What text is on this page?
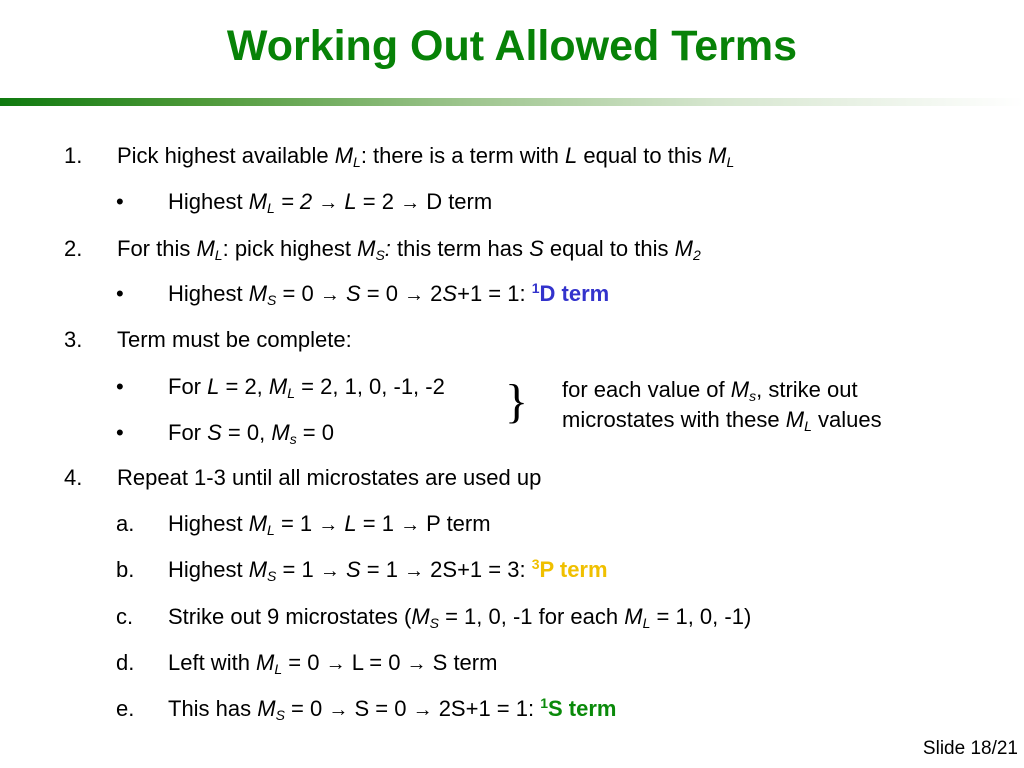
Working Out Allowed Terms
1. Pick highest available $M_L$: there is a term with L equal to this $M_L$
• Highest $M_L = 2 \to L = 2 \to D$ term
2. For this $M_L$: pick highest $M_S$: this term has S equal to this $M_2$
• Highest $M_S = 0 \to S = 0 \to 2S+1 = 1$: $^1$D term
3. Term must be complete:
• For L = 2, $M_L = 2$, 1, 0, -1, -2
• For S = 0, $M_s = 0$
} for each value of $M_s$, strike out
microstates with these $M_L$ values
4. Repeat 1-3 until all microstates are used up
a. Highest $M_L = 1 \to L = 1 \to P$ term
b. Highest $M_S = 1 \to S = 1 \to 2S+1 = 3$: $^3$P term
c. Strike out 9 microstates ($M_S = 1$, 0, -1 for each $M_L = 1$, 0, -1)
d. Left with $M_L = 0 \to L = 0 \to S$ term
e. This has $M_S = 0 \to S = 0 \to 2S+1 = 1$: $^1$S term
Slide 18/21
